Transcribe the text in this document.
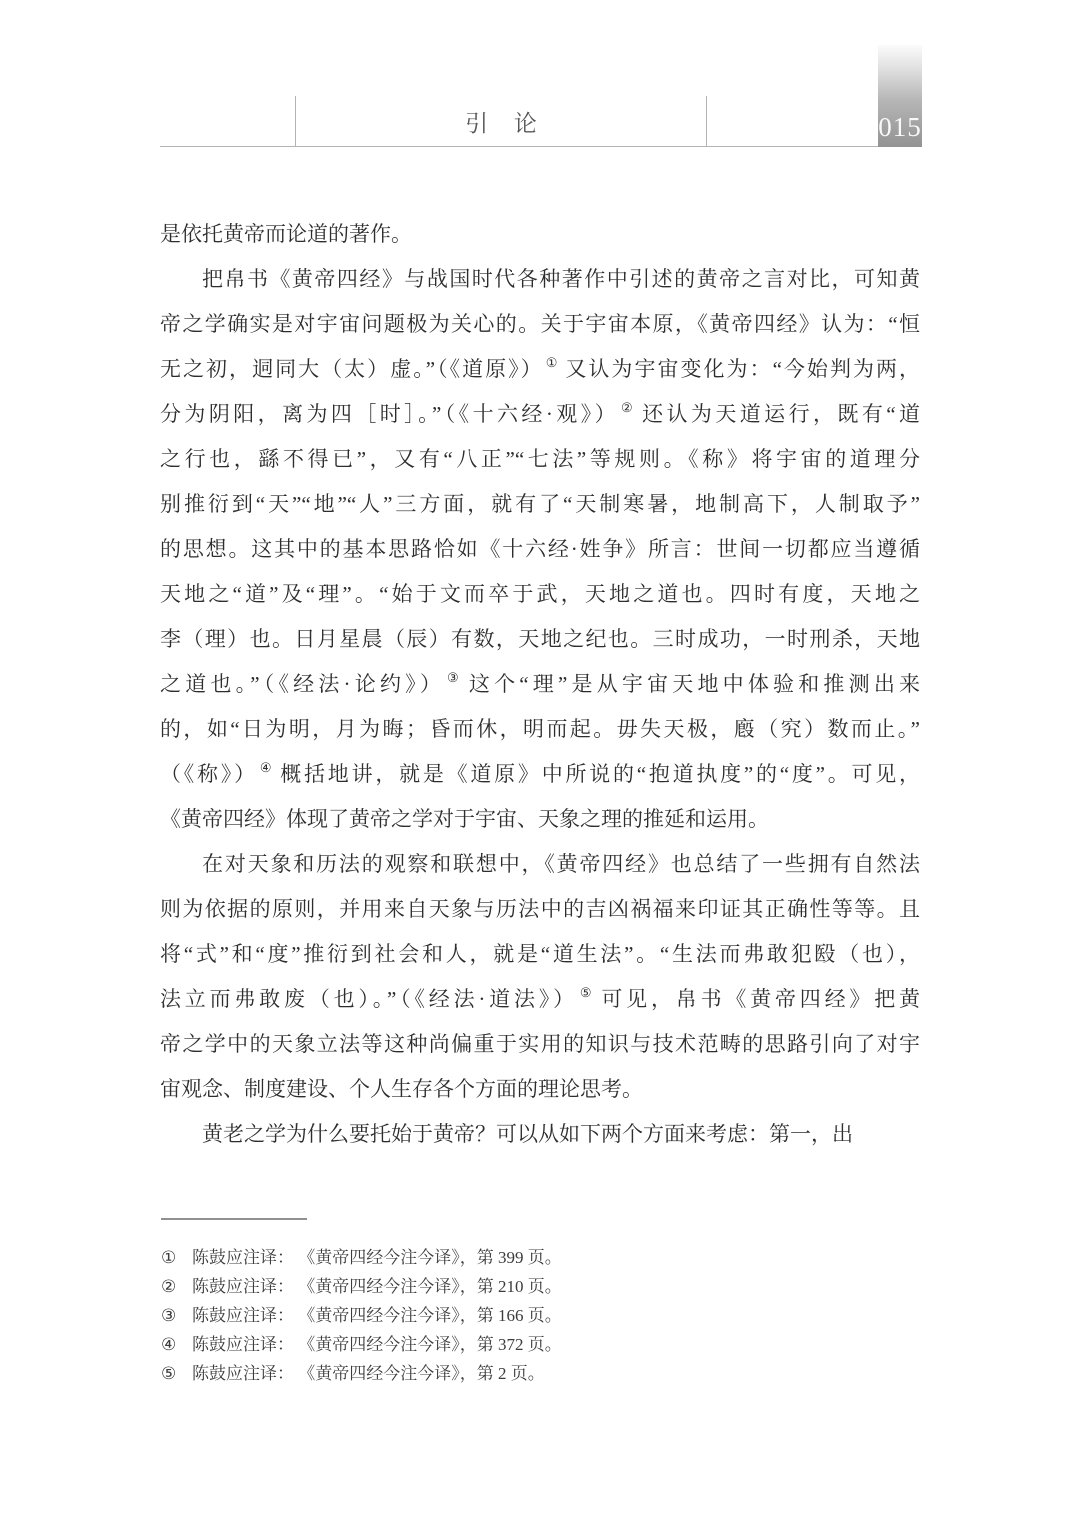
引 论	015
是依托黄帝而论道的著作。
把帛书《黄帝四经》与战国时代各种著作中引述的黄帝之言对比，可知黄
帝之学确实是对宇宙问题极为关心的。关于宇宙本原，《黄帝四经》认为：“恒
无之初，迵同大（太）虚。”（《道原》） ① 又认为宇宙变化为：“今始判为两，
分为阴阳，离为四［时］。”（《十六经·观》） ② 还认为天道运行，既有“道
之行也，繇不得已”，又有“八正”“七法”等规则。《称》将宇宙的道理分
别推衍到“天”“地”“人”三方面，就有了“天制寒暑，地制高下，人制取予”
的思想。这其中的基本思路恰如《十六经·姓争》所言：世间一切都应当遵循
天地之“道”及“理”。“始于文而卒于武，天地之道也。四时有度，天地之
李（理）也。日月星晨（辰）有数，天地之纪也。三时成功，一时刑杀，天地
之道也。”（《经法·论约》） ③ 这个“理”是从宇宙天地中体验和推测出来
的，如“日为明，月为晦；昏而休，明而起。毋失天极，廏（究）数而止。”
（《称》） ④ 概括地讲，就是《道原》中所说的“抱道执度”的“度”。可见，
《黄帝四经》体现了黄帝之学对于宇宙、天象之理的推延和运用。
在对天象和历法的观察和联想中，《黄帝四经》也总结了一些拥有自然法
则为依据的原则，并用来自天象与历法中的吉凶祸福来印证其正确性等等。且
将“式”和“度”推衍到社会和人，就是“道生法”。“生法而弗敢犯殹（也），
法立而弗敢废（也）。”（《经法·道法》） ⑤ 可见，帛书《黄帝四经》把黄
帝之学中的天象立法等这种尚偏重于实用的知识与技术范畴的思路引向了对宇
宙观念、制度建设、个人生存各个方面的理论思考。
黄老之学为什么要托始于黄帝？可以从如下两个方面来考虑：第一，出
① 陈鼓应注译： 《黄帝四经今注今译》，第 399 页。
② 陈鼓应注译： 《黄帝四经今注今译》，第 210 页。
③ 陈鼓应注译： 《黄帝四经今注今译》，第 166 页。
④ 陈鼓应注译： 《黄帝四经今注今译》，第 372 页。
⑤ 陈鼓应注译： 《黄帝四经今注今译》，第 2 页。
